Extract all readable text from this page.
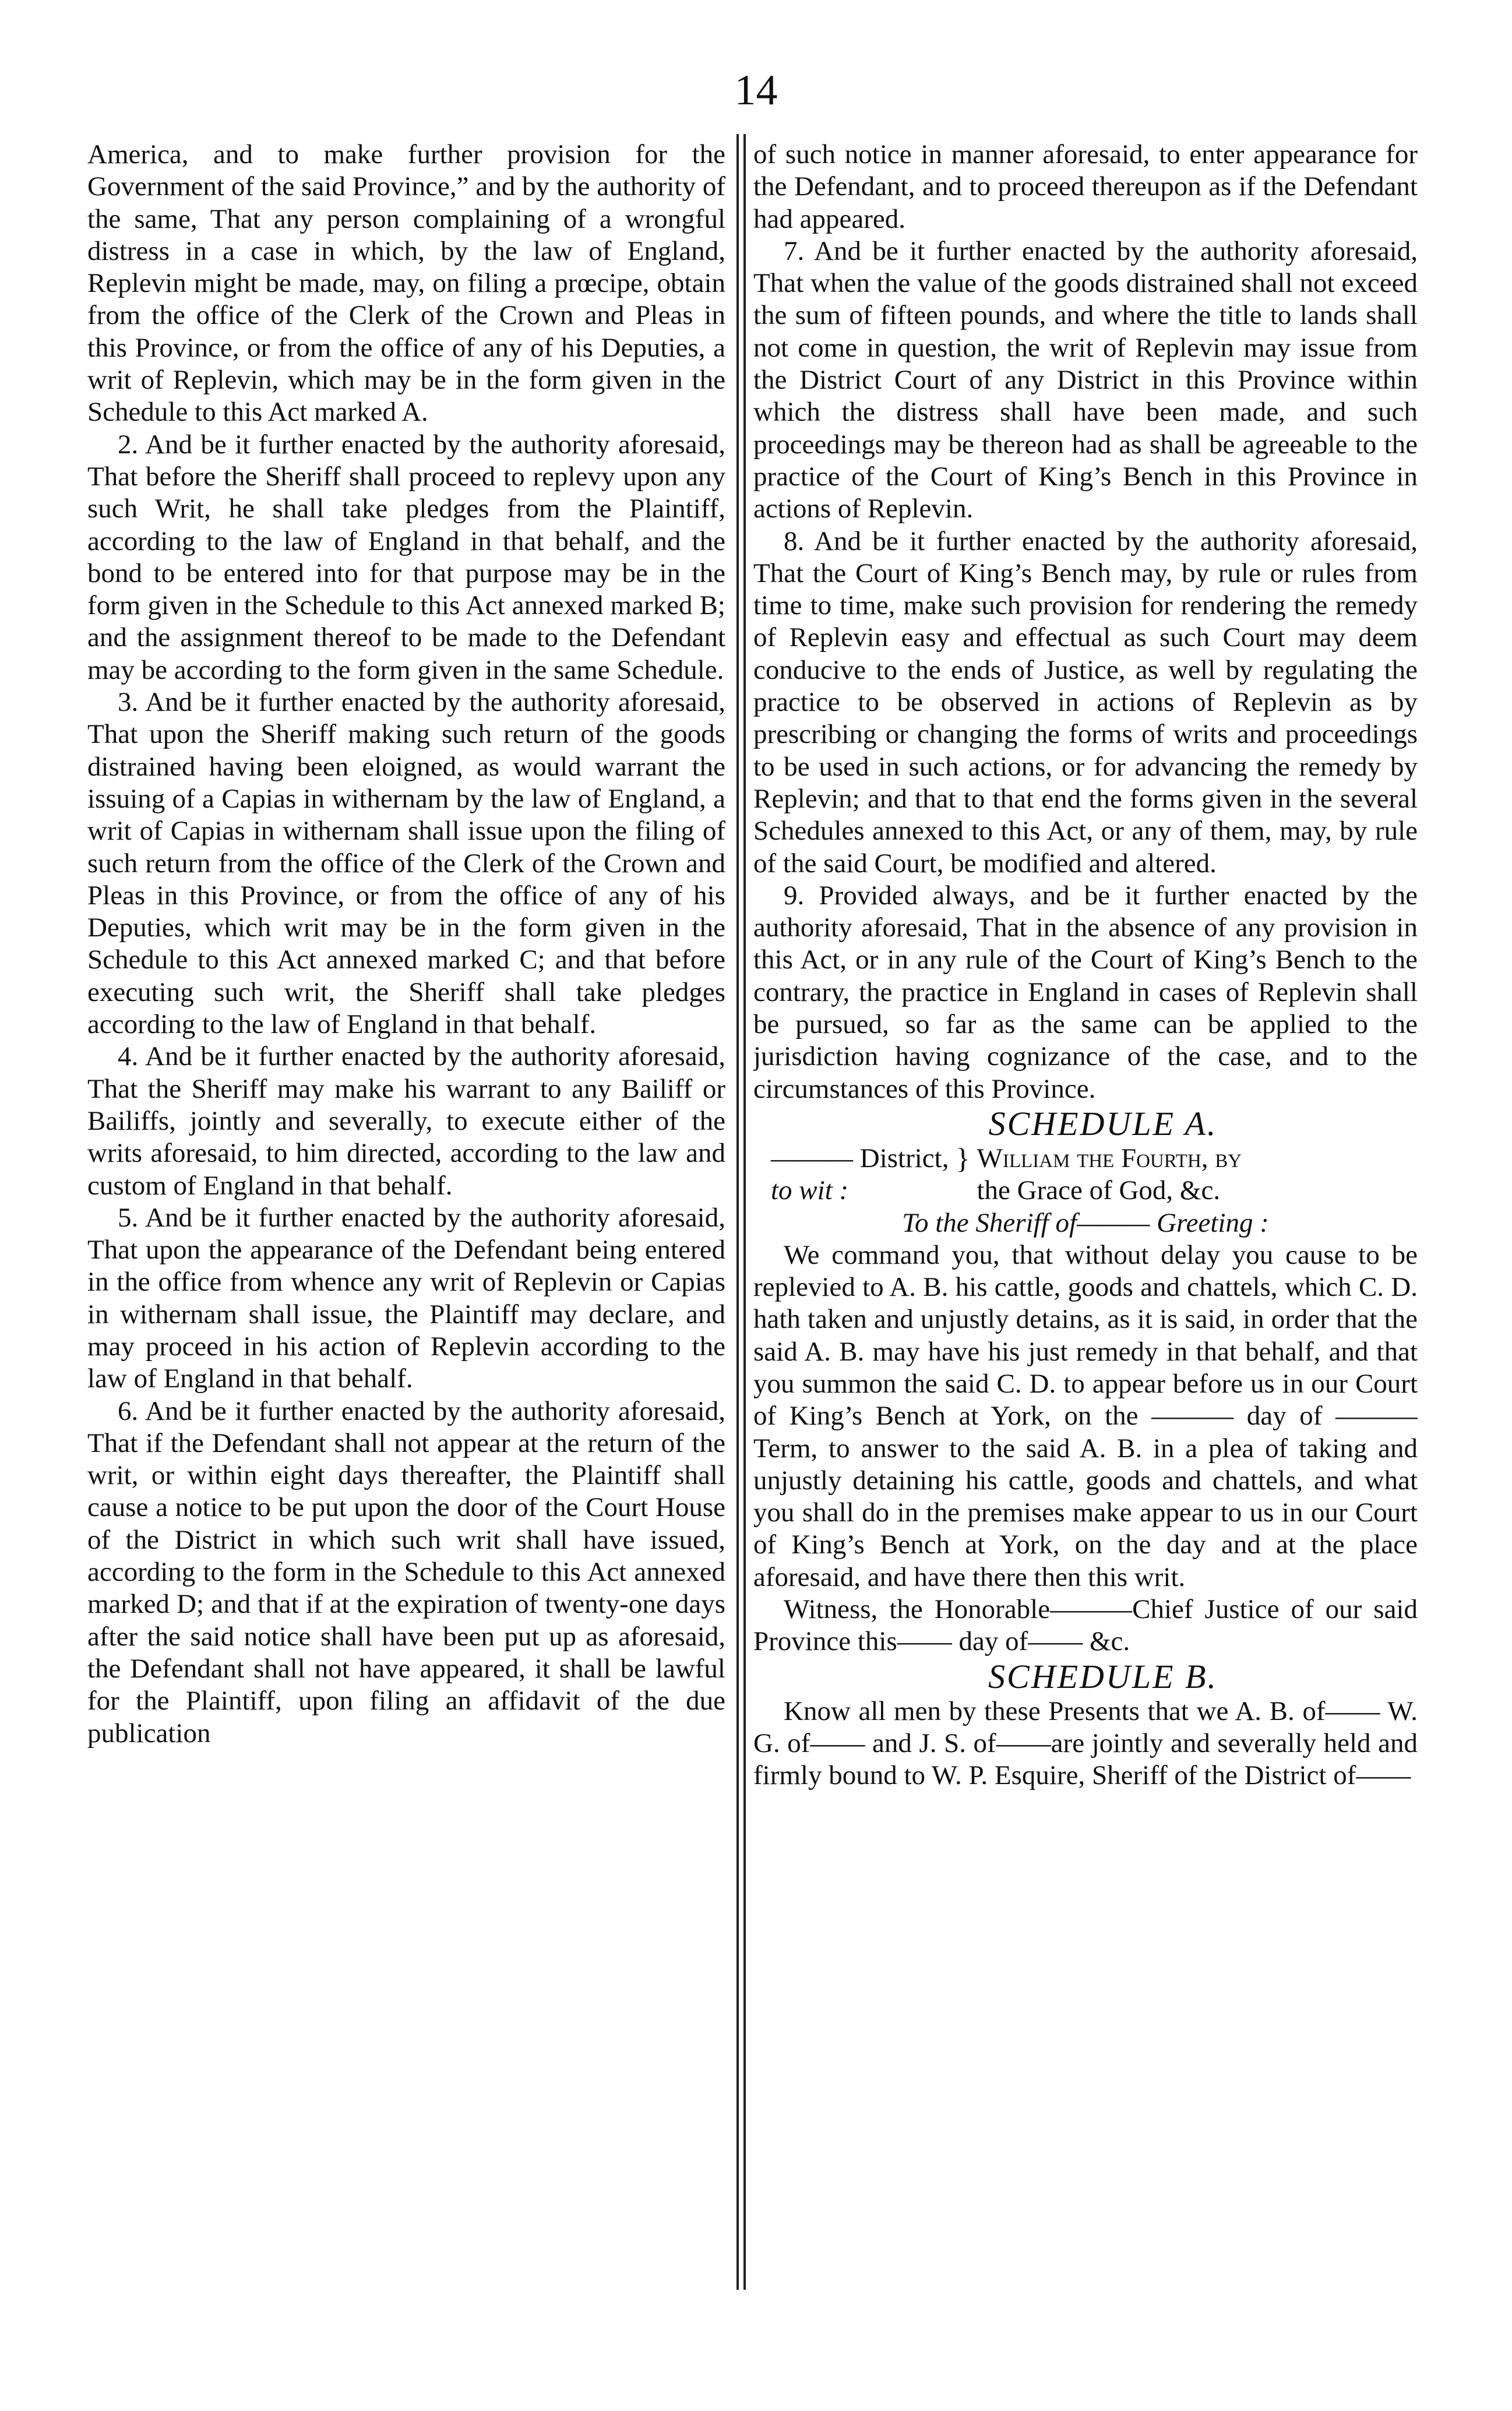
14

America, and to make further provision for the Government of the said Province,” and by the authority of the same, That any person complaining of a wrongful distress in a case in which, by the law of England, Replevin might be made, may, on filing a prœcipe, obtain from the office of the Clerk of the Crown and Pleas in this Province, or from the office of any of his Deputies, a writ of Replevin, which may be in the form given in the Schedule to this Act marked A.

2. And be it further enacted by the authority aforesaid, That before the Sheriff shall proceed to replevy upon any such Writ, he shall take pledges from the Plaintiff, according to the law of England in that behalf, and the bond to be entered into for that purpose may be in the form given in the Schedule to this Act annexed marked B; and the assignment thereof to be made to the Defendant may be according to the form given in the same Schedule.

3. And be it further enacted by the authority aforesaid, That upon the Sheriff making such return of the goods distrained having been eloigned, as would warrant the issuing of a Capias in withernam by the law of England, a writ of Capias in withernam shall issue upon the filing of such return from the office of the Clerk of the Crown and Pleas in this Province, or from the office of any of his Deputies, which writ may be in the form given in the Schedule to this Act annexed marked C; and that before executing such writ, the Sheriff shall take pledges according to the law of England in that behalf.

4. And be it further enacted by the authority aforesaid, That the Sheriff may make his warrant to any Bailiff or Bailiffs, jointly and severally, to execute either of the writs aforesaid, to him directed, according to the law and custom of England in that behalf.

5. And be it further enacted by the authority aforesaid, That upon the appearance of the Defendant being entered in the office from whence any writ of Replevin or Capias in withernam shall issue, the Plaintiff may declare, and may proceed in his action of Replevin according to the law of England in that behalf.

6. And be it further enacted by the authority aforesaid, That if the Defendant shall not appear at the return of the writ, or within eight days thereafter, the Plaintiff shall cause a notice to be put upon the door of the Court House of the District in which such writ shall have issued, according to the form in the Schedule to this Act annexed marked D; and that if at the expiration of twenty-one days after the said notice shall have been put up as aforesaid, the Defendant shall not have appeared, it shall be lawful for the Plaintiff, upon filing an affidavit of the due publication

of such notice in manner aforesaid, to enter appearance for the Defendant, and to proceed thereupon as if the Defendant had appeared.

7. And be it further enacted by the authority aforesaid, That when the value of the goods distrained shall not exceed the sum of fifteen pounds, and where the title to lands shall not come in question, the writ of Replevin may issue from the District Court of any District in this Province within which the distress shall have been made, and such proceedings may be thereon had as shall be agreeable to the practice of the Court of King’s Bench in this Province in actions of Replevin.

8. And be it further enacted by the authority aforesaid, That the Court of King’s Bench may, by rule or rules from time to time, make such provision for rendering the remedy of Replevin easy and effectual as such Court may deem conducive to the ends of Justice, as well by regulating the practice to be observed in actions of Replevin as by prescribing or changing the forms of writs and proceedings to be used in such actions, or for advancing the remedy by Replevin; and that to that end the forms given in the several Schedules annexed to this Act, or any of them, may, by rule of the said Court, be modified and altered.

9. Provided always, and be it further enacted by the authority aforesaid, That in the absence of any provision in this Act, or in any rule of the Court of King’s Bench to the contrary, the practice in England in cases of Replevin shall be pursued, so far as the same can be applied to the jurisdiction having cognizance of the case, and to the circumstances of this Province.

SCHEDULE A.

——— District,
to wit :
} William the Fourth, by
the Grace of God, &c.

To the Sheriff of——— Greeting :

We command you, that without delay you cause to be replevied to A. B. his cattle, goods and chattels, which C. D. hath taken and unjustly detains, as it is said, in order that the said A. B. may have his just remedy in that behalf, and that you summon the said C. D. to appear before us in our Court of King’s Bench at York, on the ——— day of ——— Term, to answer to the said A. B. in a plea of taking and unjustly detaining his cattle, goods and chattels, and what you shall do in the premises make appear to us in our Court of King’s Bench at York, on the day and at the place aforesaid, and have there then this writ.

Witness, the Honorable———Chief Justice of our said Province this—— day of—— &c.

SCHEDULE B.

Know all men by these Presents that we A. B. of—— W. G. of—— and J. S. of——are jointly and severally held and firmly bound to W. P. Esquire, Sheriff of the District of——
